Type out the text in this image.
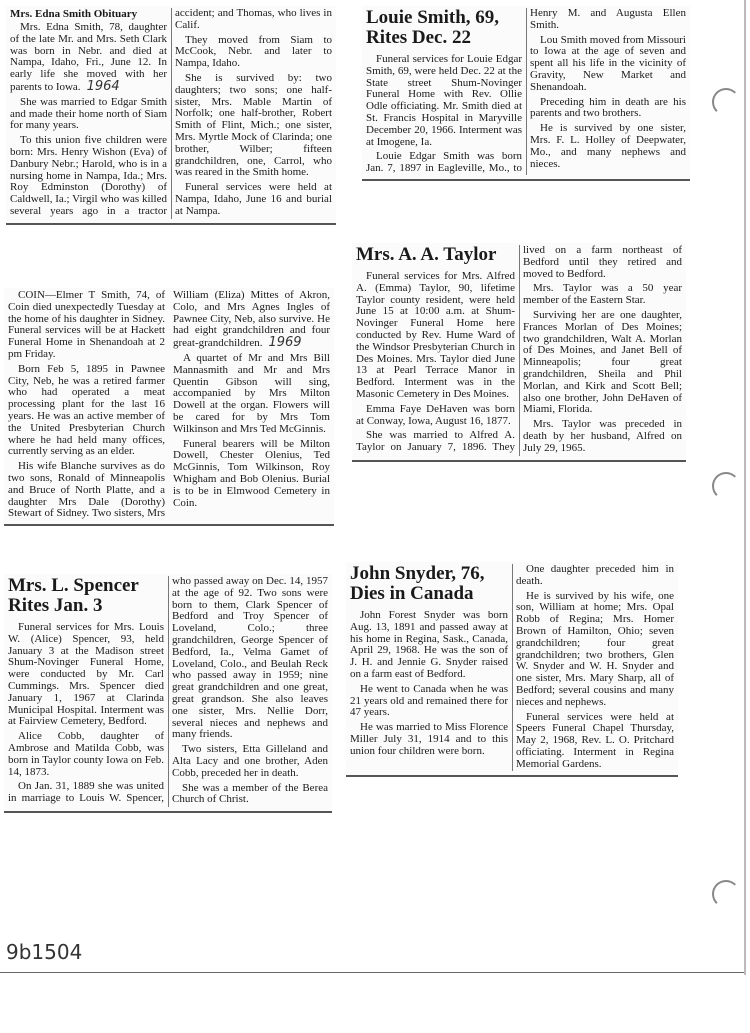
Mrs. Edna Smith Obituary

Mrs. Edna Smith, 78, daughter of the late Mr. and Mrs. Seth Clark was born in Nebr. and died at Nampa, Idaho, Fri., June 12. In early life she moved with her parents to Iowa. 1964

She was married to Edgar Smith and made their home north of Siam for many years.

To this union five children were born: Mrs. Henry Wishon (Eva) of Danbury Nebr.; Harold, who is in a nursing home in Nampa, Ida.; Mrs. Roy Edminston (Dorothy) of Caldwell, Ia.; Virgil who was killed several years ago in a tractor accident; and Thomas, who lives in Calif.

They moved from Siam to McCook, Nebr. and later to Nampa, Idaho.

She is survived by: two daughters; two sons; one half-sister, Mrs. Mable Martin of Norfolk; one half-brother, Robert Smith of Flint, Mich.; one sister, Mrs. Myrtle Mock of Clarinda; one brother, Wilber; fifteen grandchildren, one, Carrol, who was reared in the Smith home.

Funeral services were held at Nampa, Idaho, June 16 and burial at Nampa.

Louie Smith, 69, Rites Dec. 22

Funeral services for Louie Edgar Smith, 69, were held Dec. 22 at the State street Shum-Novinger Funeral Home with Rev. Ollie Odle officiating. Mr. Smith died at St. Francis Hospital in Maryville December 20, 1966. Interment was at Imogene, Ia.

Louie Edgar Smith was born Jan. 7, 1897 in Eagleville, Mo., to Henry M. and Augusta Ellen Smith.

Lou Smith moved from Missouri to Iowa at the age of seven and spent all his life in the vicinity of Gravity, New Market and Shenandoah.

Preceding him in death are his parents and two brothers.

He is survived by one sister, Mrs. F. L. Holley of Deepwater, Mo., and many nephews and nieces.

COIN—Elmer T Smith, 74, of Coin died unexpectedly Tuesday at the home of his daughter in Sidney. Funeral services will be at Hackett Funeral Home in Shenandoah at 2 pm Friday.

Born Feb 5, 1895 in Pawnee City, Neb, he was a retired farmer who had operated a meat processing plant for the last 16 years. He was an active member of the United Presbyterian Church where he had held many offices, currently serving as an elder.

His wife Blanche survives as do two sons, Ronald of Minneapolis and Bruce of North Platte, and a daughter Mrs Dale (Dorothy) Stewart of Sidney. Two sisters, Mrs William (Eliza) Mittes of Akron, Colo, and Mrs Agnes Ingles of Pawnee City, Neb, also survive. He had eight grandchildren and four great-grandchildren. 1969

A quartet of Mr and Mrs Bill Mannasmith and Mr and Mrs Quentin Gibson will sing, accompanied by Mrs Milton Dowell at the organ. Flowers will be cared for by Mrs Tom Wilkinson and Mrs Ted McGinnis.

Funeral bearers will be Milton Dowell, Chester Olenius, Ted McGinnis, Tom Wilkinson, Roy Whigham and Bob Olenius. Burial is to be in Elmwood Cemetery in Coin.

Mrs. A. A. Taylor

Funeral services for Mrs. Alfred A. (Emma) Taylor, 90, lifetime Taylor county resident, were held June 15 at 10:00 a.m. at Shum-Novinger Funeral Home here conducted by Rev. Hume Ward of the Windsor Presbyterian Church in Des Moines. Mrs. Taylor died June 13 at Pearl Terrace Manor in Bedford. Interment was in the Masonic Cemetery in Des Moines.

Emma Faye DeHaven was born at Conway, Iowa, August 16, 1877.

She was married to Alfred A. Taylor on January 7, 1896. They lived on a farm northeast of Bedford until they retired and moved to Bedford.

Mrs. Taylor was a 50 year member of the Eastern Star.

Surviving her are one daughter, Frances Morlan of Des Moines; two grandchildren, Walt A. Morlan of Des Moines, and Janet Bell of Minneapolis; four great grandchildren, Sheila and Phil Morlan, and Kirk and Scott Bell; also one brother, John DeHaven of Miami, Florida.

Mrs. Taylor was preceded in death by her husband, Alfred on July 29, 1965.

Mrs. L. Spencer Rites Jan. 3

Funeral services for Mrs. Louis W. (Alice) Spencer, 93, held January 3 at the Madison street Shum-Novinger Funeral Home, were conducted by Mr. Carl Cummings. Mrs. Spencer died January 1, 1967 at Clarinda Municipal Hospital. Interment was at Fairview Cemetery, Bedford.

Alice Cobb, daughter of Ambrose and Matilda Cobb, was born in Taylor county Iowa on Feb. 14, 1873.

On Jan. 31, 1889 she was united in marriage to Louis W. Spencer, who passed away on Dec. 14, 1957 at the age of 92. Two sons were born to them, Clark Spencer of Bedford and Troy Spencer of Loveland, Colo.; three grandchildren, George Spencer of Bedford, Ia., Velma Gamet of Loveland, Colo., and Beulah Reck who passed away in 1959; nine great grandchildren and one great, great grandson. She also leaves one sister, Mrs. Nellie Dorr, several nieces and nephews and many friends.

Two sisters, Etta Gilleland and Alta Lacy and one brother, Aden Cobb, preceded her in death.

She was a member of the Berea Church of Christ.

John Snyder, 76, Dies in Canada

John Forest Snyder was born Aug. 13, 1891 and passed away at his home in Regina, Sask., Canada, April 29, 1968. He was the son of J. H. and Jennie G. Snyder raised on a farm east of Bedford.

He went to Canada when he was 21 years old and remained there for 47 years.

He was married to Miss Florence Miller July 31, 1914 and to this union four children were born.

One daughter preceded him in death.

He is survived by his wife, one son, William at home; Mrs. Opal Robb of Regina; Mrs. Homer Brown of Hamilton, Ohio; seven grandchildren; four great grandchildren; two brothers, Glen W. Snyder and W. H. Snyder and one sister, Mrs. Mary Sharp, all of Bedford; several cousins and many nieces and nephews.

Funeral services were held at Speers Funeral Chapel Thursday, May 2, 1968, Rev. L. O. Pritchard officiating. Interment in Regina Memorial Gardens.

9b1504
